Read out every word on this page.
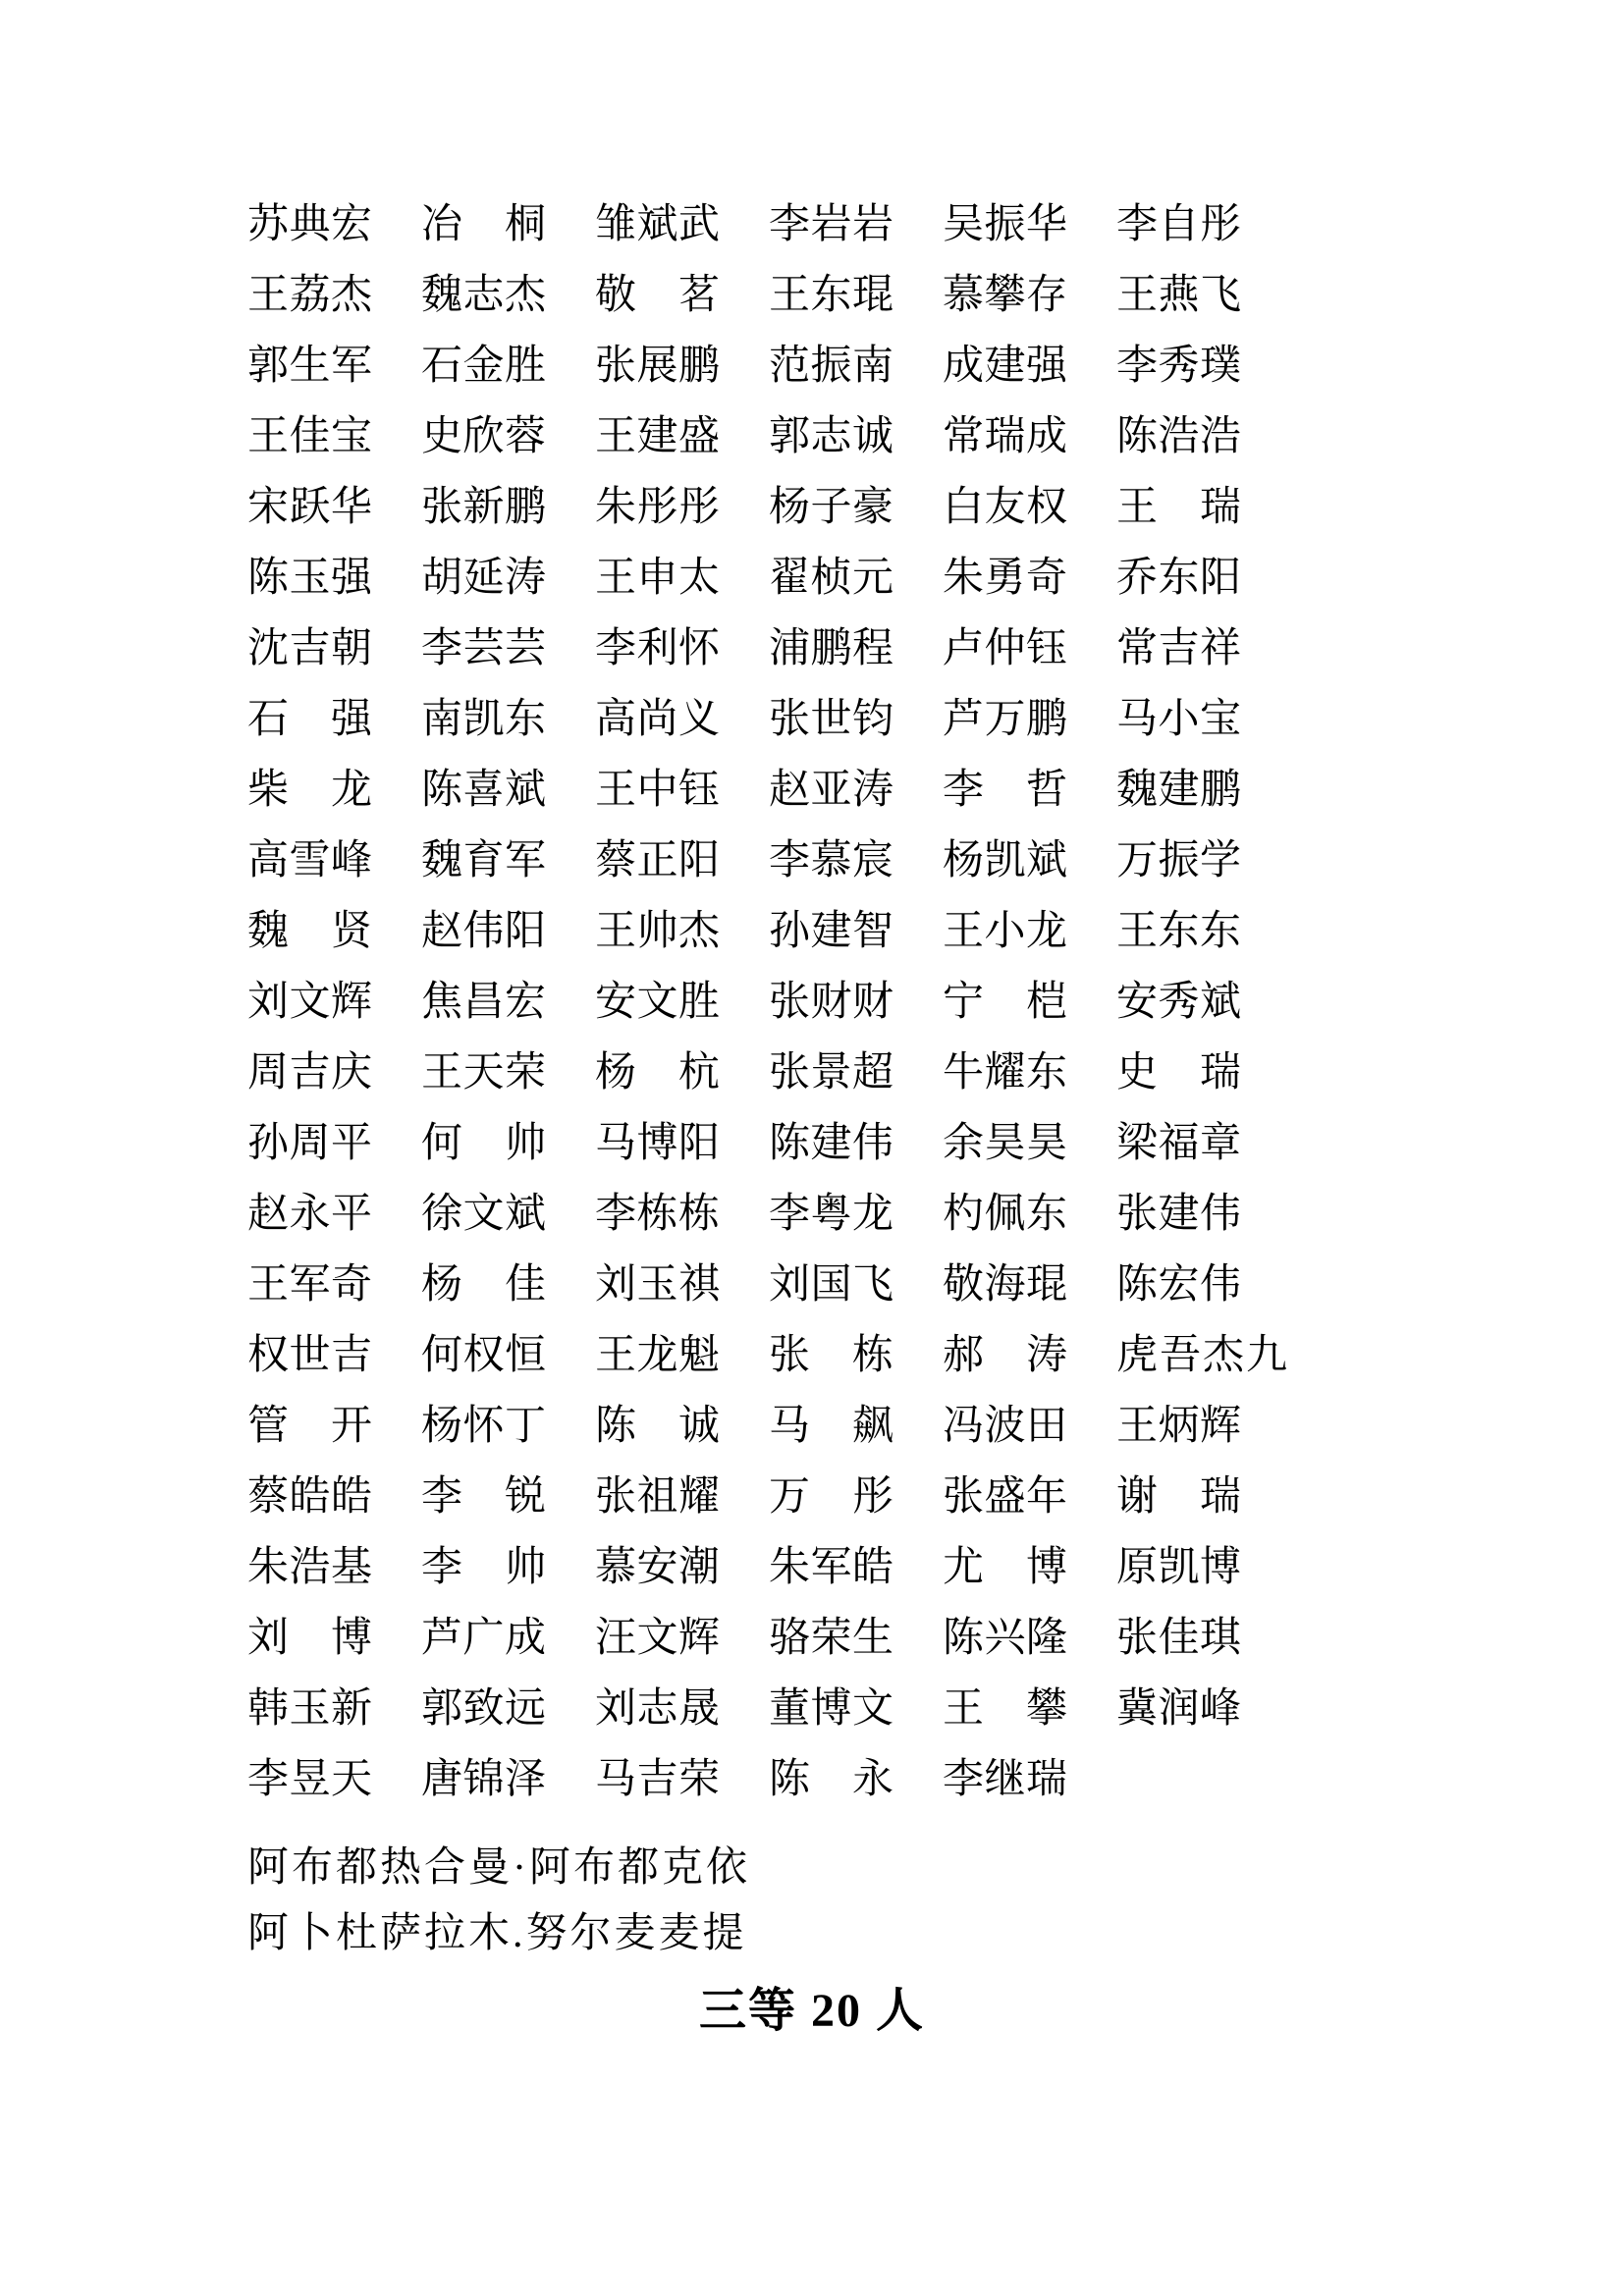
苏 典 宏 冶 桐 雏 斌 武 李 岩 岩 吴 振 华 李 自 彤
王 荔 杰 魏 志 杰 敬 茗 王 东 琨 慕 攀 存 王 燕 飞
郭 生 军 石 金 胜 张 展 鹏 范 振 南 成 建 强 李 秀 璞
王 佳 宝 史 欣 蓉 王 建 盛 郭 志 诚 常 瑞 成 陈 浩 浩
宋 跃 华 张 新 鹏 朱 彤 彤 杨 子 豪 白 友 权 王 瑞
陈 玉 强 胡 延 涛 王 申 太 翟 桢 元 朱 勇 奇 乔 东 阳
沈 吉 朝 李 芸 芸 李 利 怀 浦 鹏 程 卢 仲 钰 常 吉 祥
石 强 南 凯 东 高 尚 义 张 世 钧 芦 万 鹏 马 小 宝
柴 龙 陈 喜 斌 王 中 钰 赵 亚 涛 李 哲 魏 建 鹏
高 雪 峰 魏 育 军 蔡 正 阳 李 慕 宸 杨 凯 斌 万 振 学
魏 贤 赵 伟 阳 王 帅 杰 孙 建 智 王 小 龙 王 东 东
刘 文 辉 焦 昌 宏 安 文 胜 张 财 财 宁 桤 安 秀 斌
周 吉 庆 王 天 荣 杨 杭 张 景 超 牛 耀 东 史 瑞
孙 周 平 何 帅 马 博 阳 陈 建 伟 余 昊 昊 梁 福 章
赵 永 平 徐 文 斌 李 栋 栋 李 粤 龙 杓 佩 东 张 建 伟
王 军 奇 杨 佳 刘 玉 祺 刘 国 飞 敬 海 琨 陈 宏 伟
权 世 吉 何 权 恒 王 龙 魁 张 栋 郝 涛 虎 吾 杰 九
管 开 杨 怀 丁 陈 诚 马 飙 冯 波 田 王 炳 辉
蔡 皓 皓 李 锐 张 祖 耀 万 彤 张 盛 年 谢 瑞
朱 浩 基 李 帅 慕 安 潮 朱 军 皓 尤 博 原 凯 博
刘 博 芦 广 成 汪 文 辉 骆 荣 生 陈 兴 隆 张 佳 琪
韩 玉 新 郭 致 远 刘 志 晟 董 博 文 王 攀 冀 润 峰
李 昱 天 唐 锦 泽 马 吉 荣 陈 永 李 继 瑞
阿布都热合曼·阿布都克依
阿卜杜萨拉木.努尔麦麦提
三等 20 人
